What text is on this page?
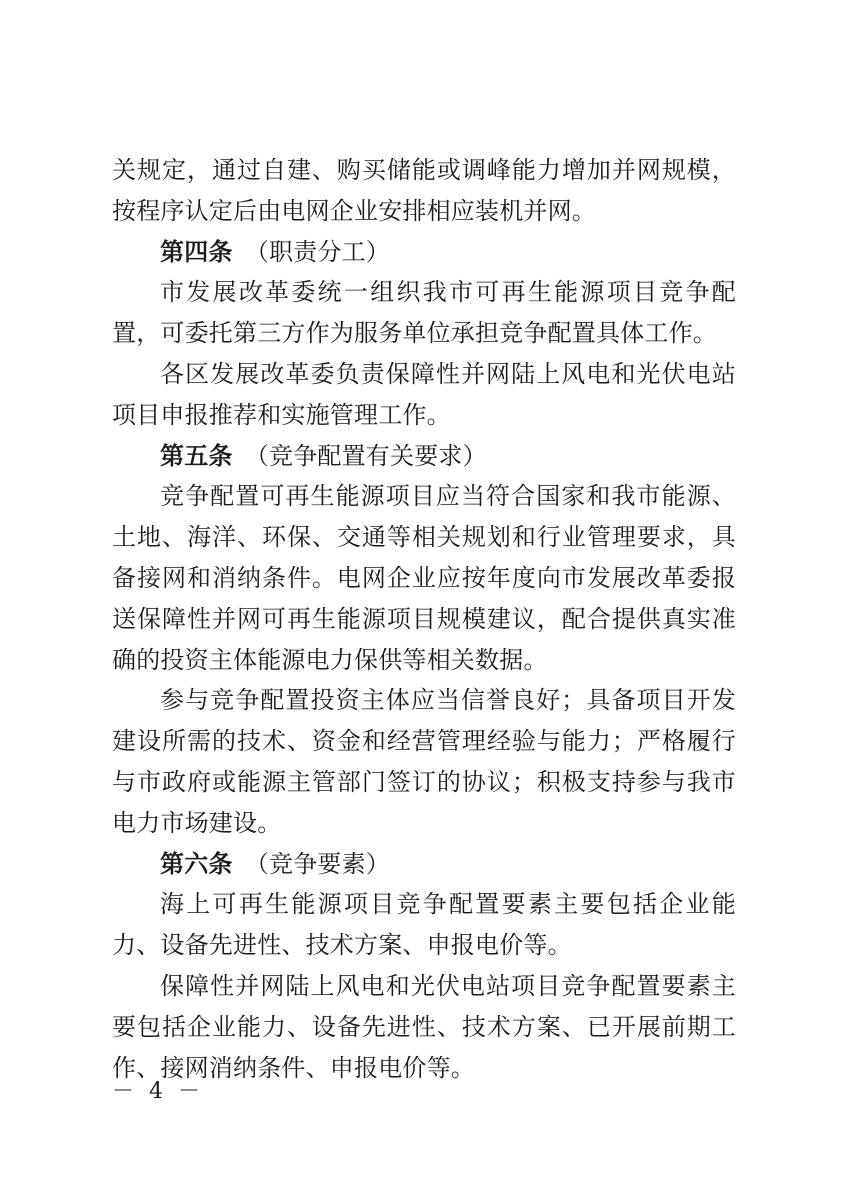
关规定，通过自建、购买储能或调峰能力增加并网规模，按程序认定后由电网企业安排相应装机并网。

第四条　 （职责分工）

市发展改革委统一组织我市可再生能源项目竞争配置，可委托第三方作为服务单位承担竞争配置具体工作。

各区发展改革委负责保障性并网陆上风电和光伏电站项目申报推荐和实施管理工作。

第五条　 （竞争配置有关要求）

竞争配置可再生能源项目应当符合国家和我市能源、土地、海洋、环保、交通等相关规划和行业管理要求，具备接网和消纳条件。电网企业应按年度向市发展改革委报送保障性并网可再生能源项目规模建议，配合提供真实准确的投资主体能源电力保供等相关数据。

参与竞争配置投资主体应当信誉良好；具备项目开发建设所需的技术、资金和经营管理经验与能力；严格履行与市政府或能源主管部门签订的协议；积极支持参与我市电力市场建设。

第六条　 （竞争要素）

海上可再生能源项目竞争配置要素主要包括企业能力、设备先进性、技术方案、申报电价等。

保障性并网陆上风电和光伏电站项目竞争配置要素主要包括企业能力、设备先进性、技术方案、已开展前期工作、接网消纳条件、申报电价等。

－ 4 －
